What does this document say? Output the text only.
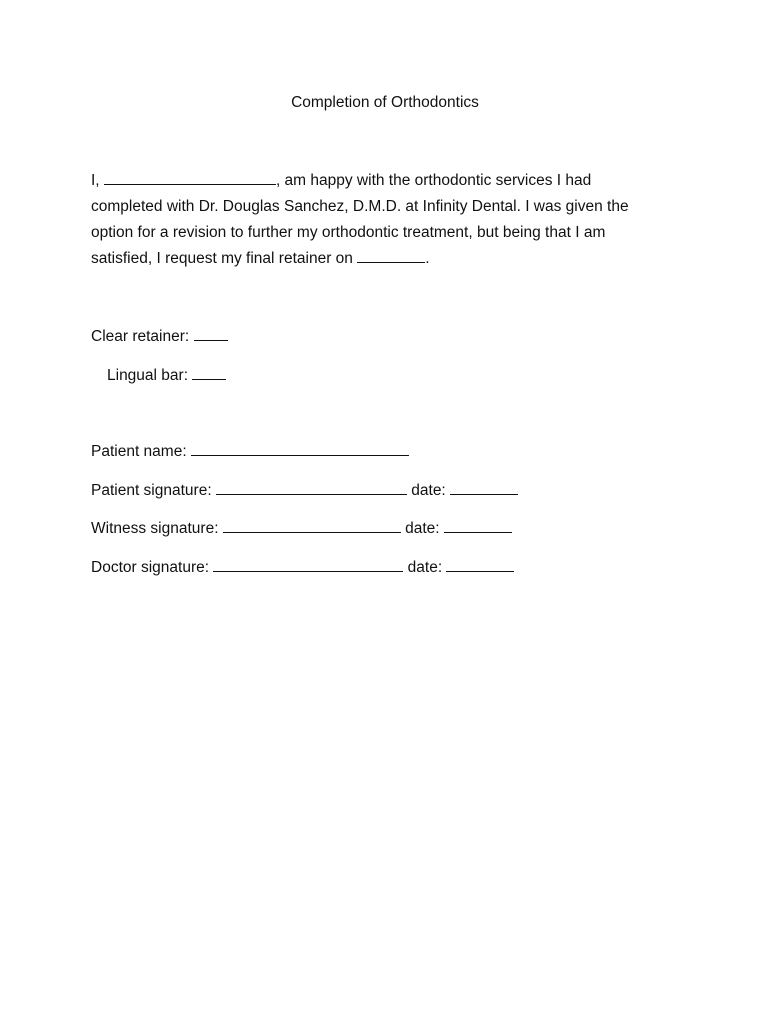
Completion of Orthodontics
I,	, am happy with the orthodontic services I had
completed with Dr. Douglas Sanchez, D.M.D. at Infinity Dental. I was given the
option for a revision to further my orthodontic treatment, but being that I am
satisfied, I request my final retainer on	.
Clear retainer:
Lingual bar:
Patient name:
Patient signature:	date:
Witness signature:	date:
Doctor signature:	date:
